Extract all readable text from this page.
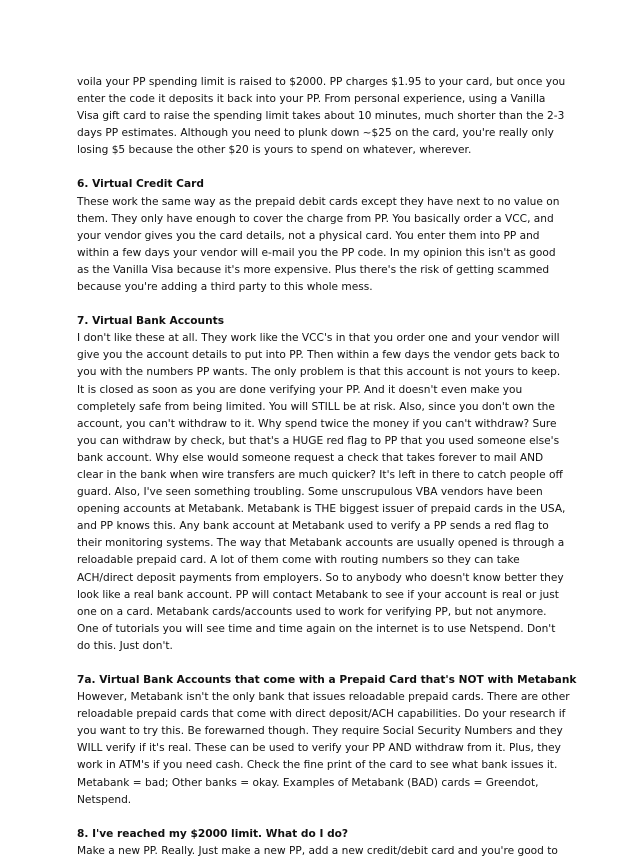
voila your PP spending limit is raised to $2000. PP charges $1.95 to your card, but once you
enter the code it deposits it back into your PP. From personal experience, using a Vanilla
Visa gift card to raise the spending limit takes about 10 minutes, much shorter than the 2-3
days PP estimates. Although you need to plunk down ~$25 on the card, you're really only
losing $5 because the other $20 is yours to spend on whatever, wherever.
6. Virtual Credit Card
These work the same way as the prepaid debit cards except they have next to no value on
them. They only have enough to cover the charge from PP. You basically order a VCC, and
your vendor gives you the card details, not a physical card. You enter them into PP and
within a few days your vendor will e-mail you the PP code. In my opinion this isn't as good
as the Vanilla Visa because it's more expensive. Plus there's the risk of getting scammed
because you're adding a third party to this whole mess.
7. Virtual Bank Accounts
I don't like these at all. They work like the VCC's in that you order one and your vendor will
give you the account details to put into PP. Then within a few days the vendor gets back to
you with the numbers PP wants. The only problem is that this account is not yours to keep.
It is closed as soon as you are done verifying your PP. And it doesn't even make you
completely safe from being limited. You will STILL be at risk. Also, since you don't own the
account, you can't withdraw to it. Why spend twice the money if you can't withdraw? Sure
you can withdraw by check, but that's a HUGE red flag to PP that you used someone else's
bank account. Why else would someone request a check that takes forever to mail AND
clear in the bank when wire transfers are much quicker? It's left in there to catch people off
guard. Also, I've seen something troubling. Some unscrupulous VBA vendors have been
opening accounts at Metabank. Metabank is THE biggest issuer of prepaid cards in the USA,
and PP knows this. Any bank account at Metabank used to verify a PP sends a red flag to
their monitoring systems. The way that Metabank accounts are usually opened is through a
reloadable prepaid card. A lot of them come with routing numbers so they can take
ACH/direct deposit payments from employers. So to anybody who doesn't know better they
look like a real bank account. PP will contact Metabank to see if your account is real or just
one on a card. Metabank cards/accounts used to work for verifying PP, but not anymore.
One of tutorials you will see time and time again on the internet is to use Netspend. Don't
do this. Just don't.
7a. Virtual Bank Accounts that come with a Prepaid Card that's NOT with Metabank
However, Metabank isn't the only bank that issues reloadable prepaid cards. There are other
reloadable prepaid cards that come with direct deposit/ACH capabilities. Do your research if
you want to try this. Be forewarned though. They require Social Security Numbers and they
WILL verify if it's real. These can be used to verify your PP AND withdraw from it. Plus, they
work in ATM's if you need cash. Check the fine print of the card to see what bank issues it.
Metabank = bad; Other banks = okay. Examples of Metabank (BAD) cards = Greendot,
Netspend.
8. I've reached my $2000 limit. What do I do?
Make a new PP. Really. Just make a new PP, add a new credit/debit card and you're good to
